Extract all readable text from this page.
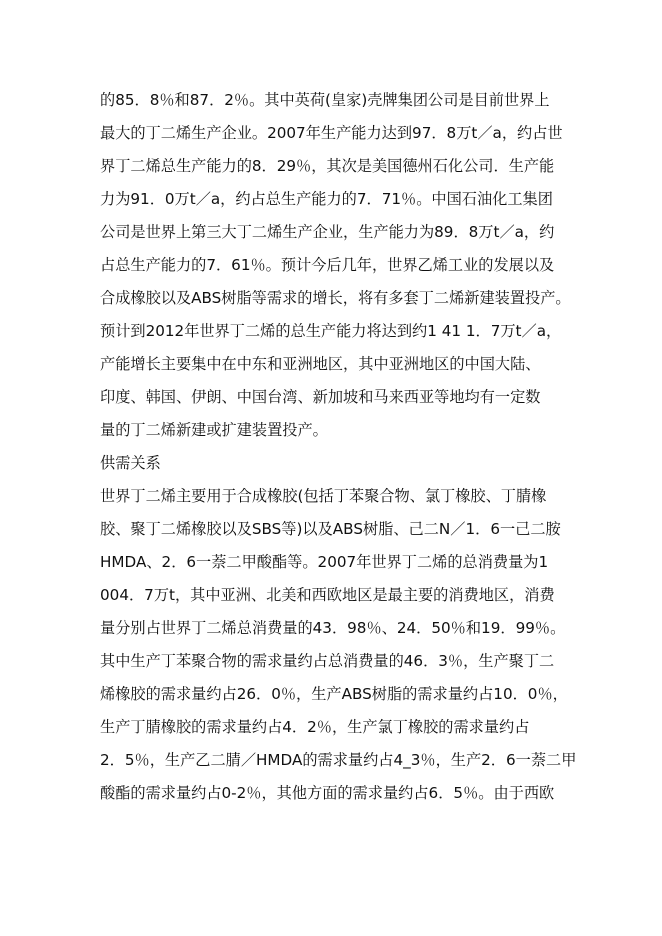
的85．8％和87．2％。其中英荷(皇家)壳牌集团公司是目前世界上
最大的丁二烯生产企业。2007年生产能力达到97．8万t／a，约占世
界丁二烯总生产能力的8．29％，其次是美国德州石化公司．生产能
力为91．0万t／a，约占总生产能力的7．71％。中国石油化工集团
公司是世界上第三大丁二烯生产企业，生产能力为89．8万t／a，约
占总生产能力的7．61％。预计今后几年，世界乙烯工业的发展以及
合成橡胶以及ABS树脂等需求的增长，将有多套丁二烯新建装置投产。
预计到2012年世界丁二烯的总生产能力将达到约1 41 1．7万t／a，
产能增长主要集中在中东和亚洲地区，其中亚洲地区的中国大陆、
印度、韩国、伊朗、中国台湾、新加坡和马来西亚等地均有一定数
量的丁二烯新建或扩建装置投产。
供需关系
世界丁二烯主要用于合成橡胶(包括丁苯聚合物、氯丁橡胶、丁腈橡
胶、聚丁二烯橡胶以及SBS等)以及ABS树脂、己二N／1．6一己二胺
HMDA、2．6一萘二甲酸酯等。2007年世界丁二烯的总消费量为1
004．7万t，其中亚洲、北美和西欧地区是最主要的消费地区，消费
量分别占世界丁二烯总消费量的43．98％、24．50％和19．99％。
其中生产丁苯聚合物的需求量约占总消费量的46．3％，生产聚丁二
烯橡胶的需求量约占26．0％，生产ABS树脂的需求量约占10．0％，
生产丁腈橡胶的需求量约占4．2％，生产氯丁橡胶的需求量约占
2．5％，生产乙二腈／HMDA的需求量约占4_3％，生产2．6一萘二甲
酸酯的需求量约占0-2％，其他方面的需求量约占6．5％。由于西欧
